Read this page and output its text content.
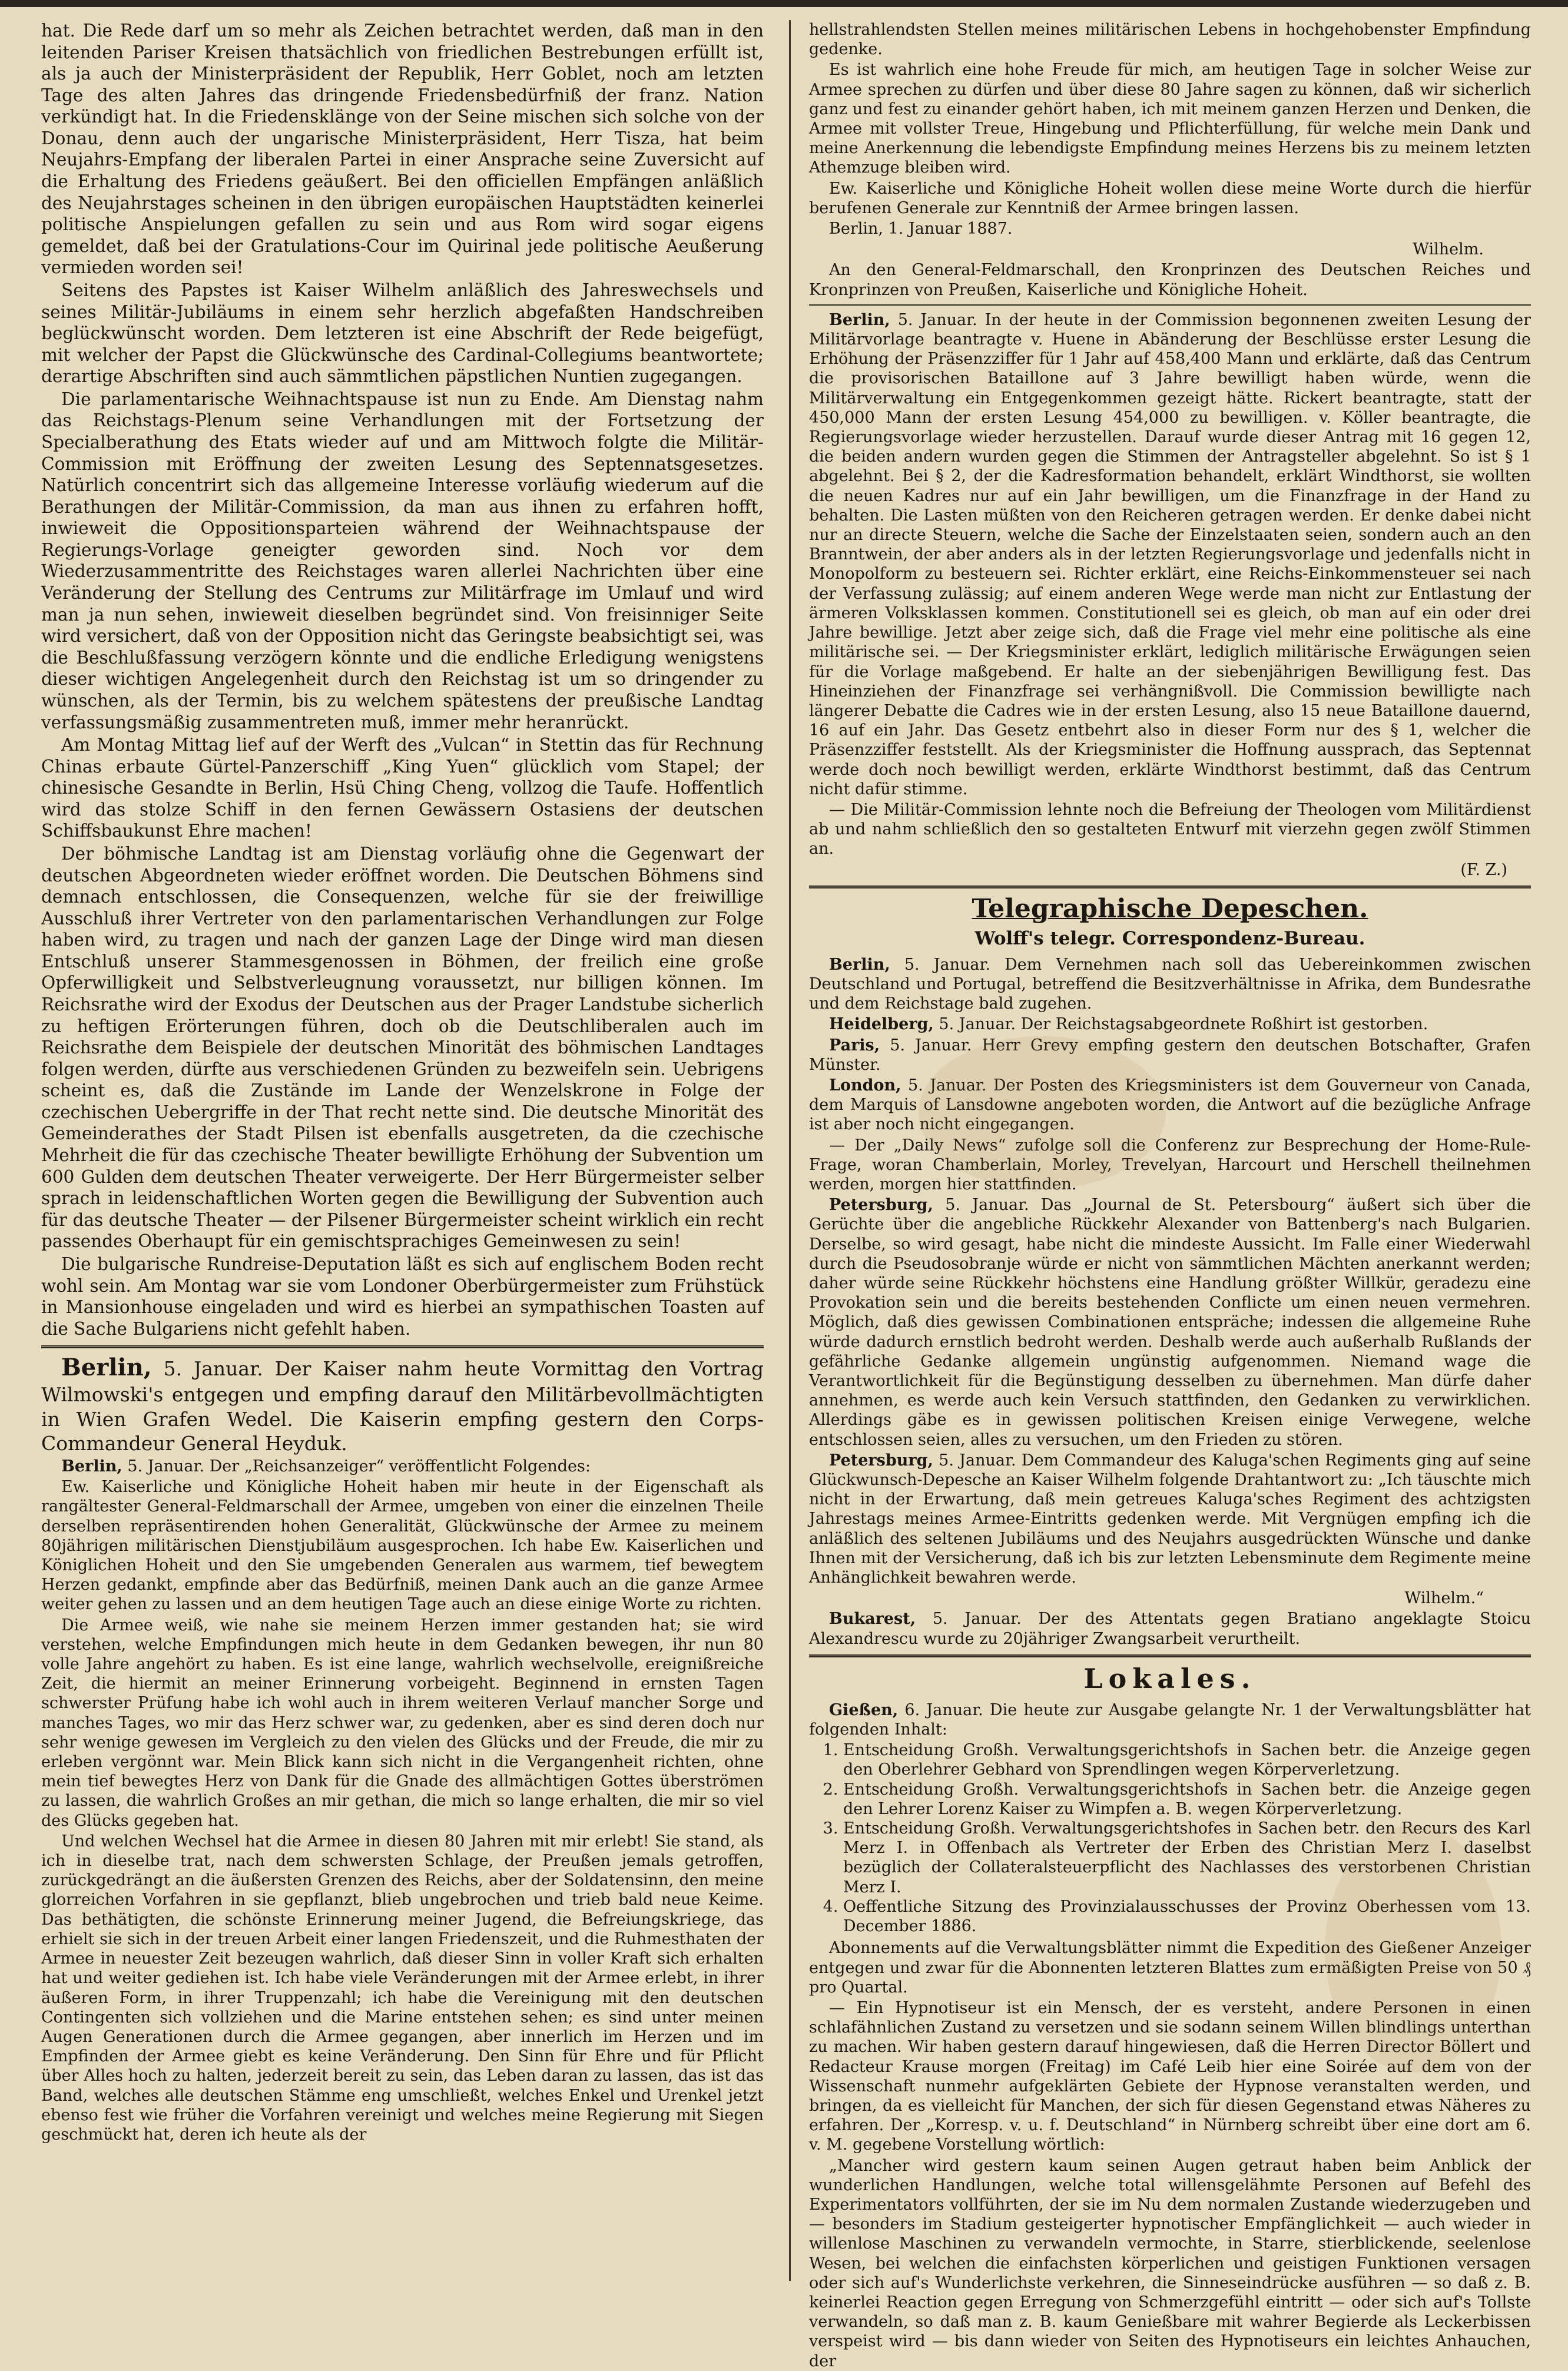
hat. Die Rede darf um so mehr als Zeichen betrachtet werden, daß man in den leitenden Pariser Kreisen thatsächlich von friedlichen Bestrebungen erfüllt ist, als ja auch der Ministerpräsident der Republik, Herr Goblet, noch am letzten Tage des alten Jahres das dringende Friedensbedürfniß der franz. Nation verkündigt hat. In die Friedensklänge von der Seine mischen sich solche von der Donau, denn auch der ungarische Ministerpräsident, Herr Tisza, hat beim Neujahrs-Empfang der liberalen Partei in einer Ansprache seine Zuversicht auf die Erhaltung des Friedens geäußert. Bei den officiellen Empfängen anläßlich des Neujahrstages scheinen in den übrigen europäischen Hauptstädten keinerlei politische Anspielungen gefallen zu sein und aus Rom wird sogar eigens gemeldet, daß bei der Gratulations-Cour im Quirinal jede politische Aeußerung vermieden worden sei!

Seitens des Papstes ist Kaiser Wilhelm anläßlich des Jahreswechsels und seines Militär-Jubiläums in einem sehr herzlich abgefaßten Handschreiben beglückwünscht worden. Dem letzteren ist eine Abschrift der Rede beigefügt, mit welcher der Papst die Glückwünsche des Cardinal-Collegiums beantwortete; derartige Abschriften sind auch sämmtlichen päpstlichen Nuntien zugegangen.

Die parlamentarische Weihnachtspause ist nun zu Ende. Am Dienstag nahm das Reichstags-Plenum seine Verhandlungen mit der Fortsetzung der Specialberathung des Etats wieder auf und am Mittwoch folgte die Militär-Commission mit Eröffnung der zweiten Lesung des Septennatsgesetzes. Natürlich concentrirt sich das allgemeine Interesse vorläufig wiederum auf die Berathungen der Militär-Commission, da man aus ihnen zu erfahren hofft, inwieweit die Oppositionsparteien während der Weihnachtspause der Regierungs-Vorlage geneigter geworden sind. Noch vor dem Wiederzusammentritte des Reichstages waren allerlei Nachrichten über eine Veränderung der Stellung des Centrums zur Militärfrage im Umlauf und wird man ja nun sehen, inwieweit dieselben begründet sind. Von freisinniger Seite wird versichert, daß von der Opposition nicht das Geringste beabsichtigt sei, was die Beschlußfassung verzögern könnte und die endliche Erledigung wenigstens dieser wichtigen Angelegenheit durch den Reichstag ist um so dringender zu wünschen, als der Termin, bis zu welchem spätestens der preußische Landtag verfassungsmäßig zusammentreten muß, immer mehr heranrückt.

Am Montag Mittag lief auf der Werft des „Vulcan“ in Stettin das für Rechnung Chinas erbaute Gürtel-Panzerschiff „King Yuen“ glücklich vom Stapel; der chinesische Gesandte in Berlin, Hsü Ching Cheng, vollzog die Taufe. Hoffentlich wird das stolze Schiff in den fernen Gewässern Ostasiens der deutschen Schiffsbaukunst Ehre machen!

Der böhmische Landtag ist am Dienstag vorläufig ohne die Gegenwart der deutschen Abgeordneten wieder eröffnet worden. Die Deutschen Böhmens sind demnach entschlossen, die Consequenzen, welche für sie der freiwillige Ausschluß ihrer Vertreter von den parlamentarischen Verhandlungen zur Folge haben wird, zu tragen und nach der ganzen Lage der Dinge wird man diesen Entschluß unserer Stammesgenossen in Böhmen, der freilich eine große Opferwilligkeit und Selbstverleugnung voraussetzt, nur billigen können. Im Reichsrathe wird der Exodus der Deutschen aus der Prager Landstube sicherlich zu heftigen Erörterungen führen, doch ob die Deutschliberalen auch im Reichsrathe dem Beispiele der deutschen Minorität des böhmischen Landtages folgen werden, dürfte aus verschiedenen Gründen zu bezweifeln sein. Uebrigens scheint es, daß die Zustände im Lande der Wenzelskrone in Folge der czechischen Uebergriffe in der That recht nette sind. Die deutsche Minorität des Gemeinderathes der Stadt Pilsen ist ebenfalls ausgetreten, da die czechische Mehrheit die für das czechische Theater bewilligte Erhöhung der Subvention um 600 Gulden dem deutschen Theater verweigerte. Der Herr Bürgermeister selber sprach in leidenschaftlichen Worten gegen die Bewilligung der Subvention auch für das deutsche Theater — der Pilsener Bürgermeister scheint wirklich ein recht passendes Oberhaupt für ein gemischtsprachiges Gemeinwesen zu sein!

Die bulgarische Rundreise-Deputation läßt es sich auf englischem Boden recht wohl sein. Am Montag war sie vom Londoner Oberbürgermeister zum Frühstück in Mansionhouse eingeladen und wird es hierbei an sympathischen Toasten auf die Sache Bulgariens nicht gefehlt haben.

Berlin, 5. Januar. Der Kaiser nahm heute Vormittag den Vortrag Wilmowski's entgegen und empfing darauf den Militärbevollmächtigten in Wien Grafen Wedel. Die Kaiserin empfing gestern den Corps-Commandeur General Heyduk.

Berlin, 5. Januar. Der „Reichsanzeiger“ veröffentlicht Folgendes:

Ew. Kaiserliche und Königliche Hoheit haben mir heute in der Eigenschaft als rangältester General-Feldmarschall der Armee, umgeben von einer die einzelnen Theile derselben repräsentirenden hohen Generalität, Glückwünsche der Armee zu meinem 80jährigen militärischen Dienstjubiläum ausgesprochen. Ich habe Ew. Kaiserlichen und Königlichen Hoheit und den Sie umgebenden Generalen aus warmem, tief bewegtem Herzen gedankt, empfinde aber das Bedürfniß, meinen Dank auch an die ganze Armee weiter gehen zu lassen und an dem heutigen Tage auch an diese einige Worte zu richten.

Die Armee weiß, wie nahe sie meinem Herzen immer gestanden hat; sie wird verstehen, welche Empfindungen mich heute in dem Gedanken bewegen, ihr nun 80 volle Jahre angehört zu haben. Es ist eine lange, wahrlich wechselvolle, ereignißreiche Zeit, die hiermit an meiner Erinnerung vorbeigeht. Beginnend in ernsten Tagen schwerster Prüfung habe ich wohl auch in ihrem weiteren Verlauf mancher Sorge und manches Tages, wo mir das Herz schwer war, zu gedenken, aber es sind deren doch nur sehr wenige gewesen im Vergleich zu den vielen des Glücks und der Freude, die mir zu erleben vergönnt war. Mein Blick kann sich nicht in die Vergangenheit richten, ohne mein tief bewegtes Herz von Dank für die Gnade des allmächtigen Gottes überströmen zu lassen, die wahrlich Großes an mir gethan, die mich so lange erhalten, die mir so viel des Glücks gegeben hat.

Und welchen Wechsel hat die Armee in diesen 80 Jahren mit mir erlebt! Sie stand, als ich in dieselbe trat, nach dem schwersten Schlage, der Preußen jemals getroffen, zurückgedrängt an die äußersten Grenzen des Reichs, aber der Soldatensinn, den meine glorreichen Vorfahren in sie gepflanzt, blieb ungebrochen und trieb bald neue Keime. Das bethätigten, die schönste Erinnerung meiner Jugend, die Befreiungskriege, das erhielt sie sich in der treuen Arbeit einer langen Friedenszeit, und die Ruhmesthaten der Armee in neuester Zeit bezeugen wahrlich, daß dieser Sinn in voller Kraft sich erhalten hat und weiter gediehen ist. Ich habe viele Veränderungen mit der Armee erlebt, in ihrer äußeren Form, in ihrer Truppenzahl; ich habe die Vereinigung mit den deutschen Contingenten sich vollziehen und die Marine entstehen sehen; es sind unter meinen Augen Generationen durch die Armee gegangen, aber innerlich im Herzen und im Empfinden der Armee giebt es keine Veränderung. Den Sinn für Ehre und für Pflicht über Alles hoch zu halten, jederzeit bereit zu sein, das Leben daran zu lassen, das ist das Band, welches alle deutschen Stämme eng umschließt, welches Enkel und Urenkel jetzt ebenso fest wie früher die Vorfahren vereinigt und welches meine Regierung mit Siegen geschmückt hat, deren ich heute als der

hellstrahlendsten Stellen meines militärischen Lebens in hochgehobenster Empfindung gedenke.

Es ist wahrlich eine hohe Freude für mich, am heutigen Tage in solcher Weise zur Armee sprechen zu dürfen und über diese 80 Jahre sagen zu können, daß wir sicherlich ganz und fest zu einander gehört haben, ich mit meinem ganzen Herzen und Denken, die Armee mit vollster Treue, Hingebung und Pflichterfüllung, für welche mein Dank und meine Anerkennung die lebendigste Empfindung meines Herzens bis zu meinem letzten Athemzuge bleiben wird.

Ew. Kaiserliche und Königliche Hoheit wollen diese meine Worte durch die hierfür berufenen Generale zur Kenntniß der Armee bringen lassen.

Berlin, 1. Januar 1887.

Wilhelm.

An den General-Feldmarschall, den Kronprinzen des Deutschen Reiches und Kronprinzen von Preußen, Kaiserliche und Königliche Hoheit.

Berlin, 5. Januar. In der heute in der Commission begonnenen zweiten Lesung der Militärvorlage beantragte v. Huene in Abänderung der Beschlüsse erster Lesung die Erhöhung der Präsenzziffer für 1 Jahr auf 458,400 Mann und erklärte, daß das Centrum die provisorischen Bataillone auf 3 Jahre bewilligt haben würde, wenn die Militärverwaltung ein Entgegenkommen gezeigt hätte. Rickert beantragte, statt der 450,000 Mann der ersten Lesung 454,000 zu bewilligen. v. Köller beantragte, die Regierungsvorlage wieder herzustellen. Darauf wurde dieser Antrag mit 16 gegen 12, die beiden andern wurden gegen die Stimmen der Antragsteller abgelehnt. So ist § 1 abgelehnt. Bei § 2, der die Kadresformation behandelt, erklärt Windthorst, sie wollten die neuen Kadres nur auf ein Jahr bewilligen, um die Finanzfrage in der Hand zu behalten. Die Lasten müßten von den Reicheren getragen werden. Er denke dabei nicht nur an directe Steuern, welche die Sache der Einzelstaaten seien, sondern auch an den Branntwein, der aber anders als in der letzten Regierungsvorlage und jedenfalls nicht in Monopolform zu besteuern sei. Richter erklärt, eine Reichs-Einkommensteuer sei nach der Verfassung zulässig; auf einem anderen Wege werde man nicht zur Entlastung der ärmeren Volksklassen kommen. Constitutionell sei es gleich, ob man auf ein oder drei Jahre bewillige. Jetzt aber zeige sich, daß die Frage viel mehr eine politische als eine militärische sei. — Der Kriegsminister erklärt, lediglich militärische Erwägungen seien für die Vorlage maßgebend. Er halte an der siebenjährigen Bewilligung fest. Das Hineinziehen der Finanzfrage sei verhängnißvoll. Die Commission bewilligte nach längerer Debatte die Cadres wie in der ersten Lesung, also 15 neue Bataillone dauernd, 16 auf ein Jahr. Das Gesetz entbehrt also in dieser Form nur des § 1, welcher die Präsenzziffer feststellt. Als der Kriegsminister die Hoffnung aussprach, das Septennat werde doch noch bewilligt werden, erklärte Windthorst bestimmt, daß das Centrum nicht dafür stimme.

— Die Militär-Commission lehnte noch die Befreiung der Theologen vom Militärdienst ab und nahm schließlich den so gestalteten Entwurf mit vierzehn gegen zwölf Stimmen an.

(F. Z.)

Telegraphische Depeschen.
Wolff's telegr. Correspondenz-Bureau.

Berlin, 5. Januar. Dem Vernehmen nach soll das Uebereinkommen zwischen Deutschland und Portugal, betreffend die Besitzverhältnisse in Afrika, dem Bundesrathe und dem Reichstage bald zugehen.

Heidelberg, 5. Januar. Der Reichstagsabgeordnete Roßhirt ist gestorben.

Paris, 5. Januar. Herr Grevy empfing gestern den deutschen Botschafter, Grafen Münster.

London, 5. Januar. Der Posten des Kriegsministers ist dem Gouverneur von Canada, dem Marquis of Lansdowne angeboten worden, die Antwort auf die bezügliche Anfrage ist aber noch nicht eingegangen.

— Der „Daily News“ zufolge soll die Conferenz zur Besprechung der Home-Rule-Frage, woran Chamberlain, Morley, Trevelyan, Harcourt und Herschell theilnehmen werden, morgen hier stattfinden.

Petersburg, 5. Januar. Das „Journal de St. Petersbourg“ äußert sich über die Gerüchte über die angebliche Rückkehr Alexander von Battenberg's nach Bulgarien. Derselbe, so wird gesagt, habe nicht die mindeste Aussicht. Im Falle einer Wiederwahl durch die Pseudosobranje würde er nicht von sämmtlichen Mächten anerkannt werden; daher würde seine Rückkehr höchstens eine Handlung größter Willkür, geradezu eine Provokation sein und die bereits bestehenden Conflicte um einen neuen vermehren. Möglich, daß dies gewissen Combinationen entspräche; indessen die allgemeine Ruhe würde dadurch ernstlich bedroht werden. Deshalb werde auch außerhalb Rußlands der gefährliche Gedanke allgemein ungünstig aufgenommen. Niemand wage die Verantwortlichkeit für die Begünstigung desselben zu übernehmen. Man dürfe daher annehmen, es werde auch kein Versuch stattfinden, den Gedanken zu verwirklichen. Allerdings gäbe es in gewissen politischen Kreisen einige Verwegene, welche entschlossen seien, alles zu versuchen, um den Frieden zu stören.

Petersburg, 5. Januar. Dem Commandeur des Kaluga'schen Regiments ging auf seine Glückwunsch-Depesche an Kaiser Wilhelm folgende Drahtantwort zu: „Ich täuschte mich nicht in der Erwartung, daß mein getreues Kaluga'sches Regiment des achtzigsten Jahrestags meines Armee-Eintritts gedenken werde. Mit Vergnügen empfing ich die anläßlich des seltenen Jubiläums und des Neujahrs ausgedrückten Wünsche und danke Ihnen mit der Versicherung, daß ich bis zur letzten Lebensminute dem Regimente meine Anhänglichkeit bewahren werde.

Wilhelm.“

Bukarest, 5. Januar. Der des Attentats gegen Bratiano angeklagte Stoicu Alexandrescu wurde zu 20jähriger Zwangsarbeit verurtheilt.

Lokales.

Gießen, 6. Januar. Die heute zur Ausgabe gelangte Nr. 1 der Verwaltungsblätter hat folgenden Inhalt:

1. Entscheidung Großh. Verwaltungsgerichtshofs in Sachen betr. die Anzeige gegen den Oberlehrer Gebhard von Sprendlingen wegen Körperverletzung.
2. Entscheidung Großh. Verwaltungsgerichtshofs in Sachen betr. die Anzeige gegen den Lehrer Lorenz Kaiser zu Wimpfen a. B. wegen Körperverletzung.
3. Entscheidung Großh. Verwaltungsgerichtshofes in Sachen betr. den Recurs des Karl Merz I. in Offenbach als Vertreter der Erben des Christian Merz I. daselbst bezüglich der Collateralsteuerpflicht des Nachlasses des verstorbenen Christian Merz I.
4. Oeffentliche Sitzung des Provinzialausschusses der Provinz Oberhessen vom 13. December 1886.

Abonnements auf die Verwaltungsblätter nimmt die Expedition des Gießener Anzeiger entgegen und zwar für die Abonnenten letzteren Blattes zum ermäßigten Preise von 50 ₰ pro Quartal.

— Ein Hypnotiseur ist ein Mensch, der es versteht, andere Personen in einen schlafähnlichen Zustand zu versetzen und sie sodann seinem Willen blindlings unterthan zu machen. Wir haben gestern darauf hingewiesen, daß die Herren Director Böllert und Redacteur Krause morgen (Freitag) im Café Leib hier eine Soirée auf dem von der Wissenschaft nunmehr aufgeklärten Gebiete der Hypnose veranstalten werden, und bringen, da es vielleicht für Manchen, der sich für diesen Gegenstand etwas Näheres zu erfahren. Der „Korresp. v. u. f. Deutschland“ in Nürnberg schreibt über eine dort am 6. v. M. gegebene Vorstellung wörtlich:

„Mancher wird gestern kaum seinen Augen getraut haben beim Anblick der wunderlichen Handlungen, welche total willensgelähmte Personen auf Befehl des Experimentators vollführten, der sie im Nu dem normalen Zustande wiederzugeben und — besonders im Stadium gesteigerter hypnotischer Empfänglichkeit — auch wieder in willenlose Maschinen zu verwandeln vermochte, in Starre, stierblickende, seelenlose Wesen, bei welchen die einfachsten körperlichen und geistigen Funktionen versagen oder sich auf's Wunderlichste verkehren, die Sinneseindrücke ausführen — so daß z. B. keinerlei Reaction gegen Erregung von Schmerzgefühl eintritt — oder sich auf's Tollste verwandeln, so daß man z. B. kaum Genießbare mit wahrer Begierde als Leckerbissen verspeist wird — bis dann wieder von Seiten des Hypnotiseurs ein leichtes Anhauchen, der
